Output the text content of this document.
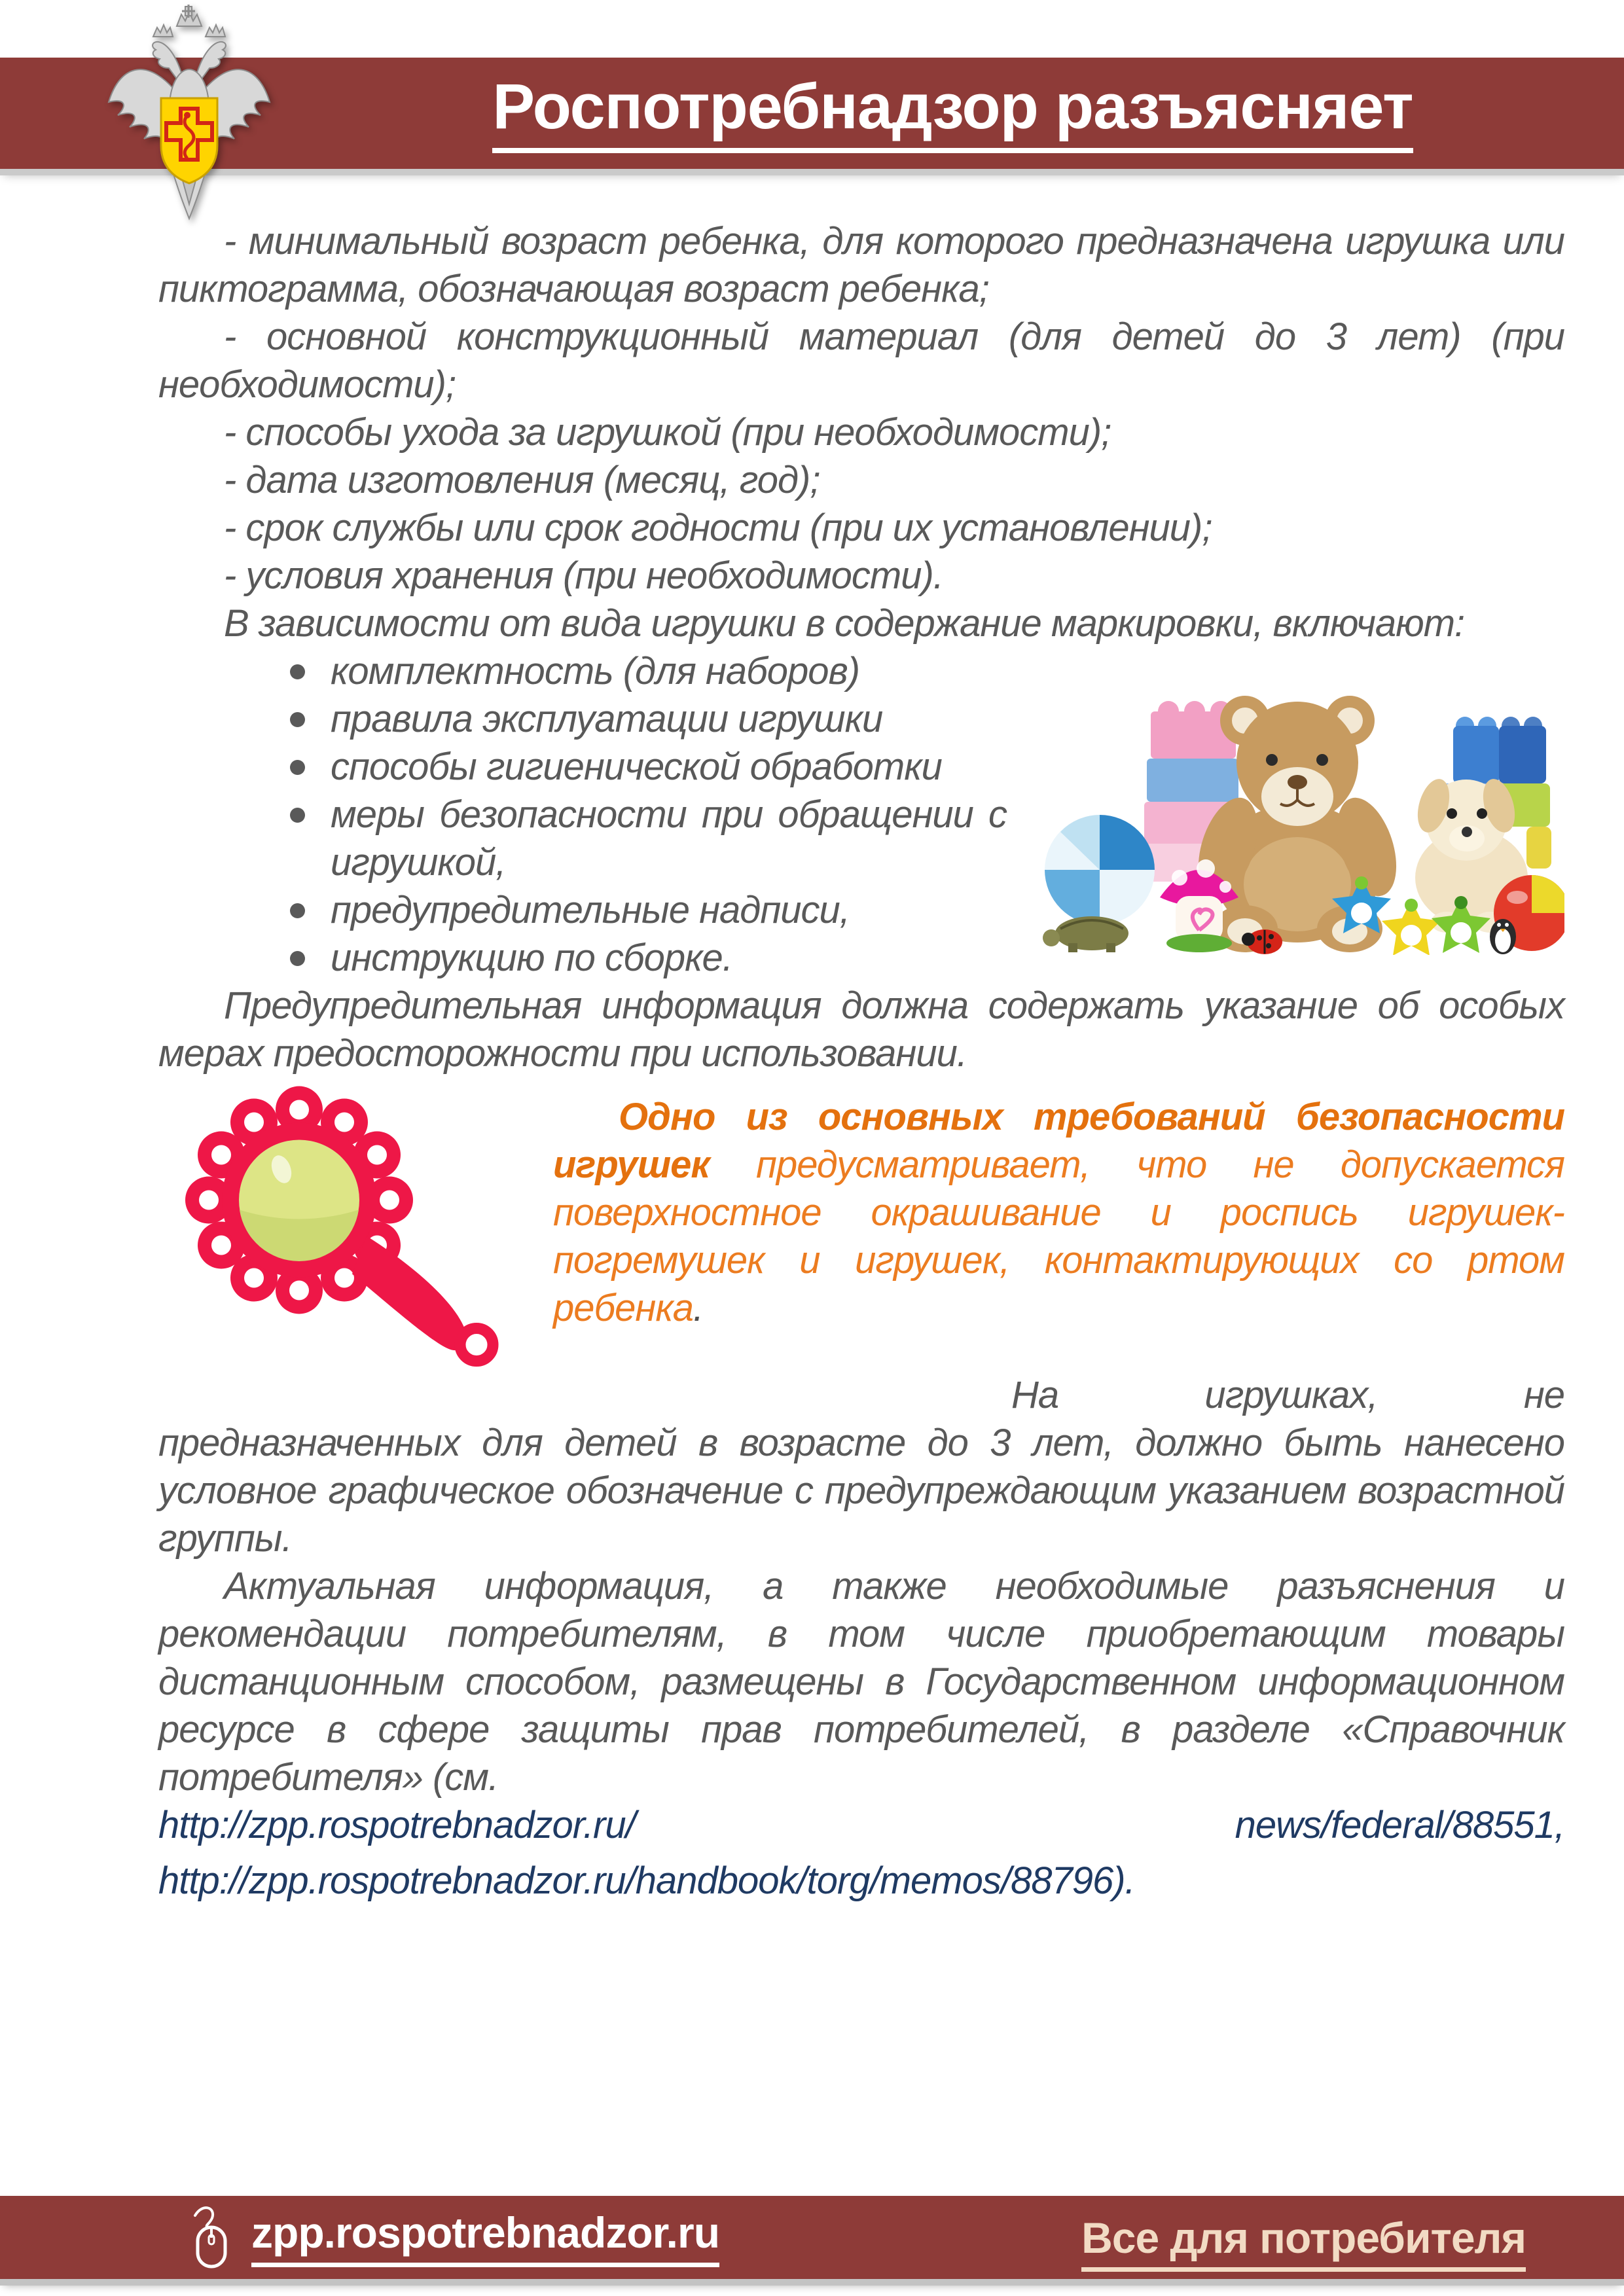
Роспотребнадзор разъясняет

- минимальный возраст ребенка, для которого предназначена игрушка или пиктограмма, обозначающая возраст ребенка;

- основной конструкционный материал (для детей до 3 лет) (при необходимости);

- способы ухода за игрушкой (при необходимости);

- дата изготовления (месяц, год);

- срок службы или срок годности (при их установлении);

- условия хранения (при необходимости).

В зависимости от вида игрушки в содержание маркировки, включают:

комплектность (для наборов)
правила эксплуатации игрушки
способы гигиенической обработки
меры безопасности при обращении с игрушкой,
предупредительные надписи,
инструкцию по сборке.

Предупредительная информация должна содержать указание об особых мерах предосторожности при использовании.

Одно из основных требований безопасности игрушек предусматривает, что не допускается поверхностное окрашивание и роспись игрушек-погремушек и игрушек, контактирующих со ртом ребенка.

На игрушках, не предназначенных для детей в возрасте до 3 лет, должно быть нанесено условное графическое обозначение с предупреждающим указанием возрастной группы.

Актуальная информация, а также необходимые разъяснения и рекомендации потребителям, в том числе приобретающим товары дистанционным способом, размещены в Государственном информационном ресурсе в сфере защиты прав потребителей, в разделе «Справочник потребителя» (см.

http://zpp.rospotrebnadzor.ru/	news/federal/88551,

http://zpp.rospotrebnadzor.ru/handbook/torg/memos/88796).

zpp.rospotrebnadzor.ru	Все для потребителя
